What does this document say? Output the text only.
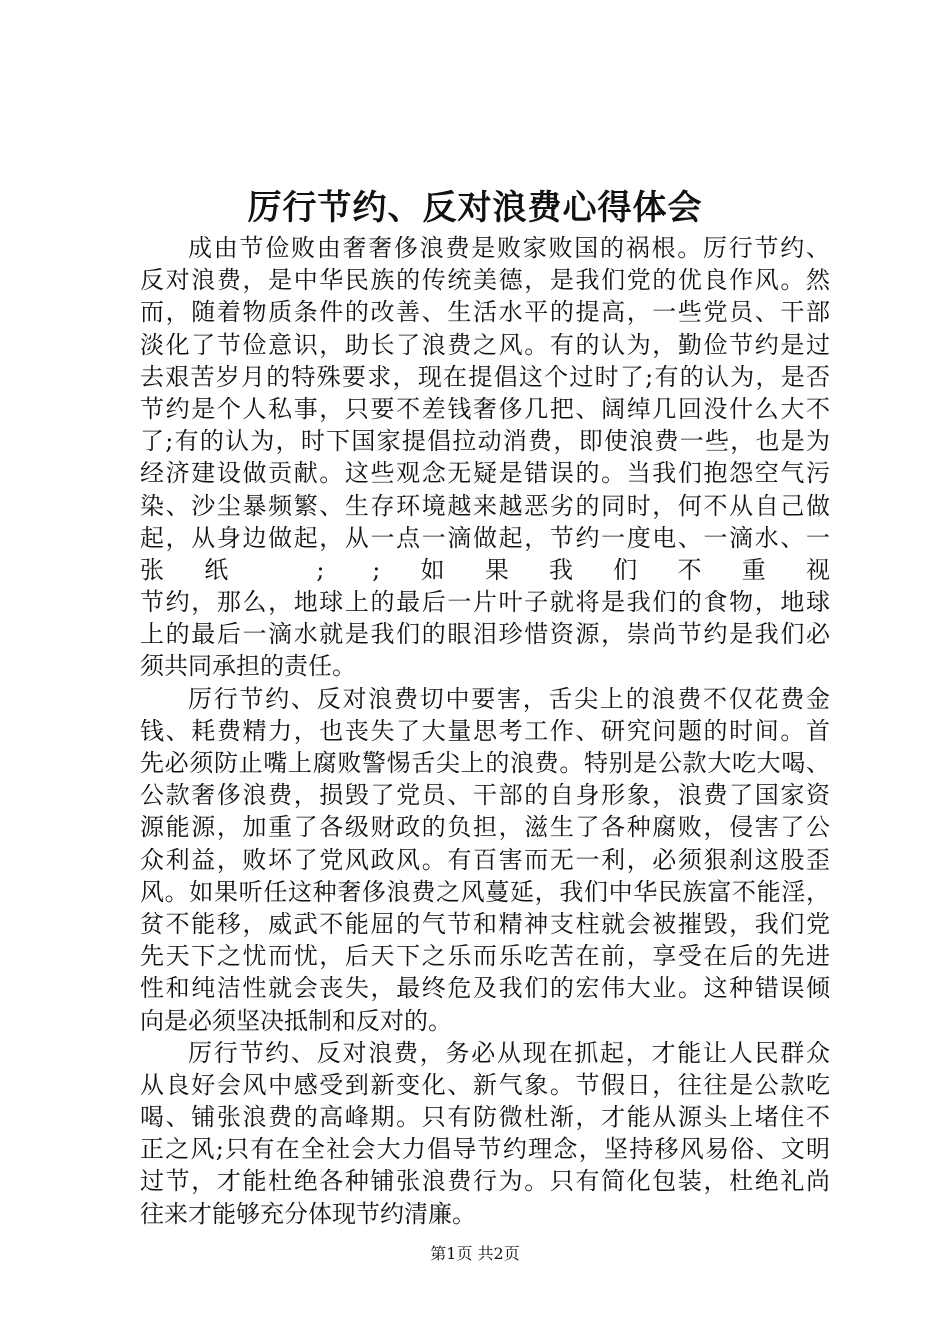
厉行节约、反对浪费心得体会
成由节俭败由奢奢侈浪费是败家败国的祸根。厉行节约、
反对浪费，是中华民族的传统美德，是我们党的优良作风。然
而，随着物质条件的改善、生活水平的提高，一些党员、干部
淡化了节俭意识，助长了浪费之风。有的认为，勤俭节约是过
去艰苦岁月的特殊要求，现在提倡这个过时了;有的认为，是否
节约是个人私事，只要不差钱奢侈几把、阔绰几回没什么大不
了;有的认为，时下国家提倡拉动消费，即使浪费一些，也是为
经济建设做贡献。这些观念无疑是错误的。当我们抱怨空气污
染、沙尘暴频繁、生存环境越来越恶劣的同时，何不从自己做
起，从身边做起，从一点一滴做起，节约一度电、一滴水、一
张纸 ; ;如果我们不重视
节约，那么，地球上的最后一片叶子就将是我们的食物，地球
上的最后一滴水就是我们的眼泪珍惜资源，崇尚节约是我们必
须共同承担的责任。
厉行节约、反对浪费切中要害，舌尖上的浪费不仅花费金
钱、耗费精力，也丧失了大量思考工作、研究问题的时间。首
先必须防止嘴上腐败警惕舌尖上的浪费。特别是公款大吃大喝、
公款奢侈浪费，损毁了党员、干部的自身形象，浪费了国家资
源能源，加重了各级财政的负担，滋生了各种腐败，侵害了公
众利益，败坏了党风政风。有百害而无一利，必须狠刹这股歪
风。如果听任这种奢侈浪费之风蔓延，我们中华民族富不能淫，
贫不能移，威武不能屈的气节和精神支柱就会被摧毁，我们党
先天下之忧而忧，后天下之乐而乐吃苦在前，享受在后的先进
性和纯洁性就会丧失，最终危及我们的宏伟大业。这种错误倾
向是必须坚决抵制和反对的。
厉行节约、反对浪费，务必从现在抓起，才能让人民群众
从良好会风中感受到新变化、新气象。节假日，往往是公款吃
喝、铺张浪费的高峰期。只有防微杜渐，才能从源头上堵住不
正之风;只有在全社会大力倡导节约理念，坚持移风易俗、文明
过节，才能杜绝各种铺张浪费行为。只有简化包装，杜绝礼尚
往来才能够充分体现节约清廉。
第1页 共2页
